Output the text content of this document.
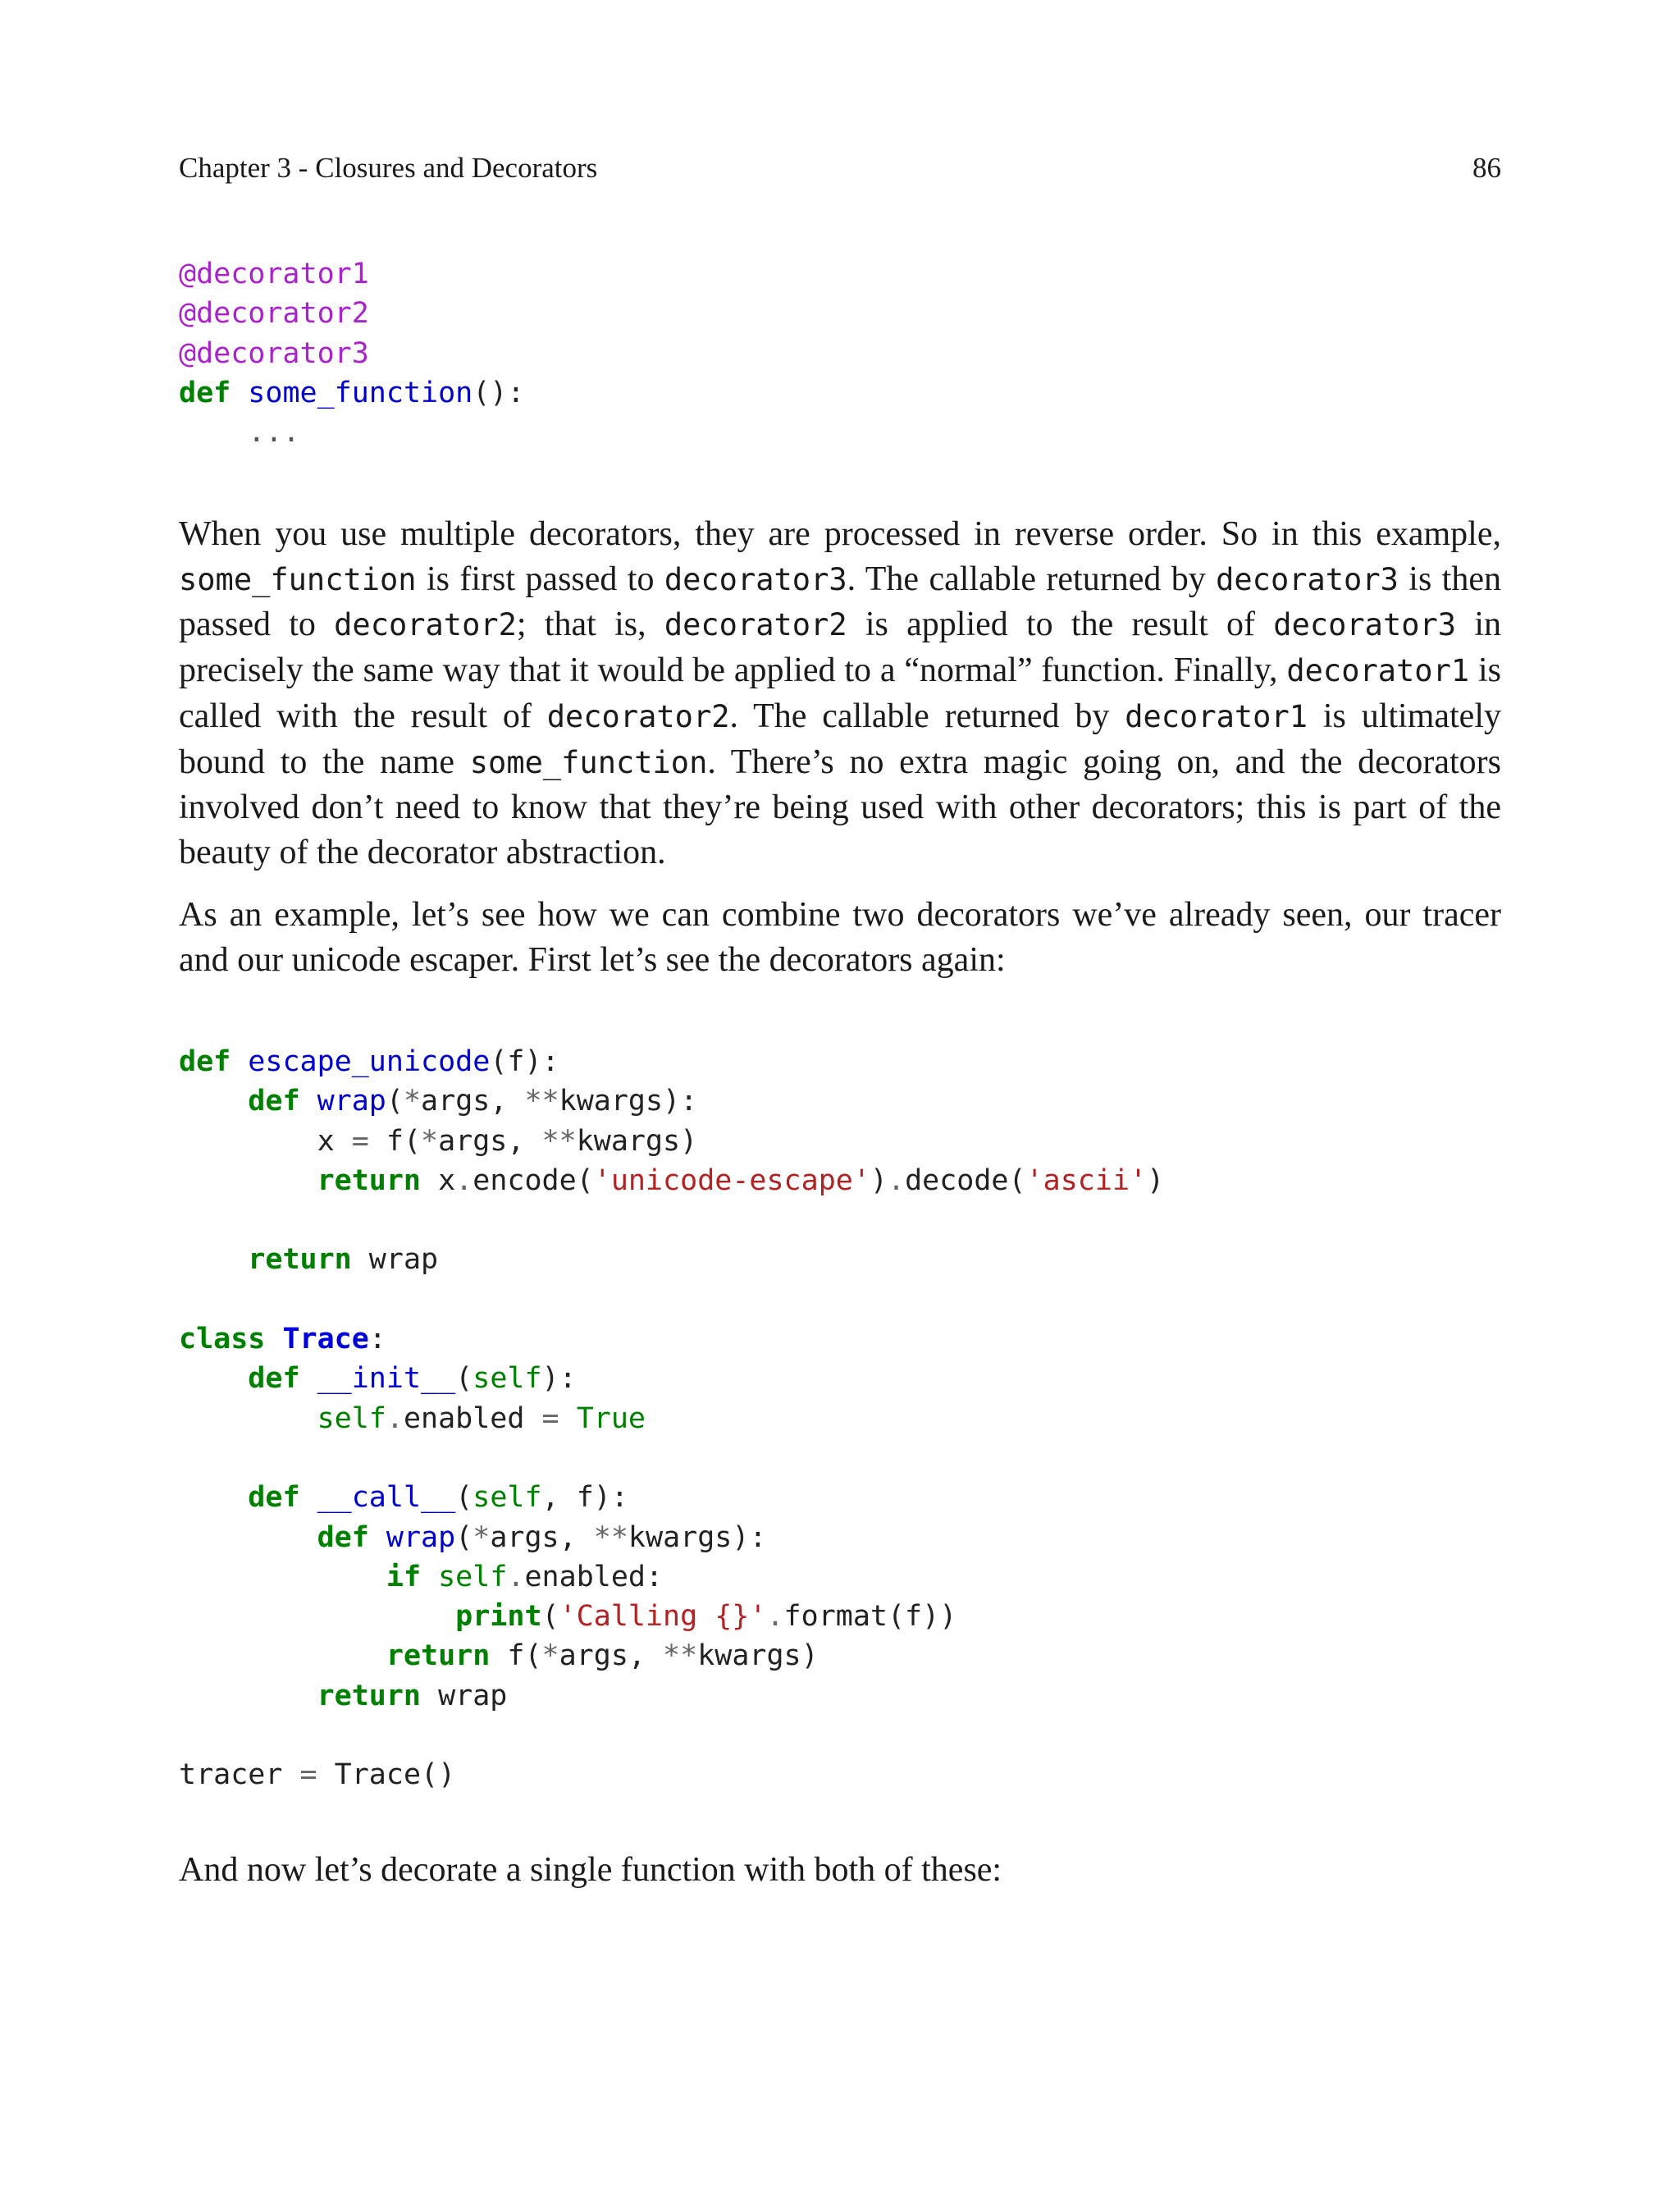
Chapter 3 - Closures and Decorators	86
@decorator1
@decorator2
@decorator3
def some_function():
...

When you use multiple decorators, they are processed in reverse order. So in this example, some_function is first passed to decorator3. The callable returned by decorator3 is then passed to decorator2; that is, decorator2 is applied to the result of decorator3 in precisely the same way that it would be applied to a “normal” function. Finally, decorator1 is called with the result of decorator2. The callable returned by decorator1 is ultimately bound to the name some_function. There’s no extra magic going on, and the decorators involved don’t need to know that they’re being used with other decorators; this is part of the beauty of the decorator abstraction.

As an example, let’s see how we can combine two decorators we’ve already seen, our tracer and our unicode escaper. First let’s see the decorators again:

def escape_unicode(f):
def wrap(*args, **kwargs):
x = f(*args, **kwargs)
return x.encode('unicode-escape').decode('ascii')

return wrap

class Trace:
def __init__(self):
self.enabled = True

def __call__(self, f):
def wrap(*args, **kwargs):
if self.enabled:
print('Calling {}'.format(f))
return f(*args, **kwargs)
return wrap

tracer = Trace()

And now let’s decorate a single function with both of these:
